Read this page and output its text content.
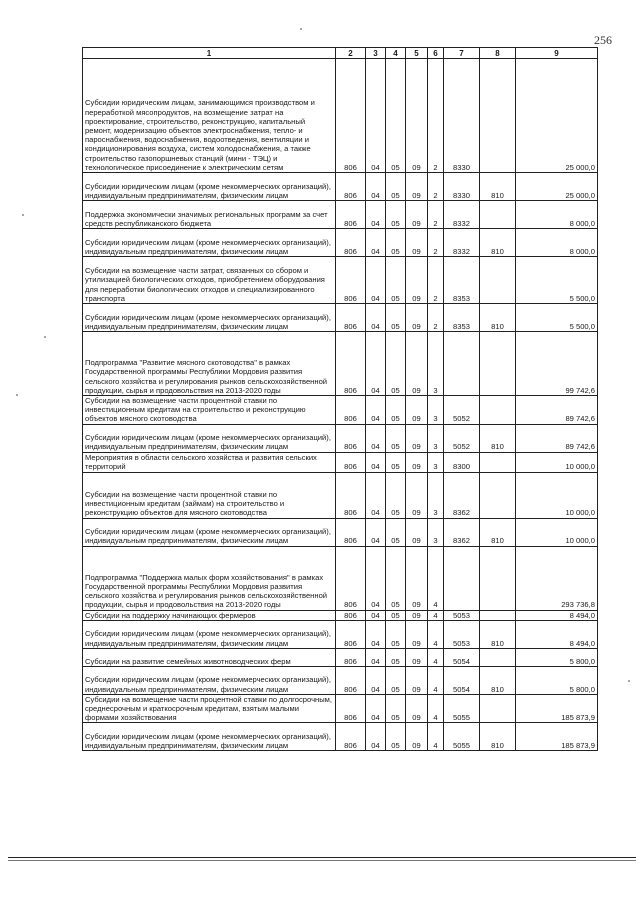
256
1	2	3	4	5	6	7	8	9
Субсидии юридическим лицам, занимающимся производством и переработкой мясопродуктов, на возмещение затрат на проектирование, строительство, реконструкцию, капитальный ремонт, модернизацию объектов электроснабжения, тепло- и пароснабжения, водоснабжения, водоотведения, вентиляции и кондиционирования воздуха, систем холодоснабжения, а также строительство газопоршневых станций (мини - ТЭЦ) и технологическое присоединение к электрическим сетям	806	04	05	09	2	8330		25 000,0
Субсидии юридическим лицам (кроме некоммерческих организаций), индивидуальным предпринимателям, физическим лицам	806	04	05	09	2	8330	810	25 000,0
Поддержка экономически значимых региональных программ за счет средств республиканского бюджета	806	04	05	09	2	8332		8 000,0
Субсидии юридическим лицам (кроме некоммерческих организаций), индивидуальным предпринимателям, физическим лицам	806	04	05	09	2	8332	810	8 000,0
Субсидии на возмещение части затрат, связанных со сбором и утилизацией биологических отходов, приобретением оборудования для переработки биологических отходов и специализированного транспорта	806	04	05	09	2	8353		5 500,0
Субсидии юридическим лицам (кроме некоммерческих организаций), индивидуальным предпринимателям, физическим лицам	806	04	05	09	2	8353	810	5 500,0
Подпрограмма "Развитие мясного скотоводства" в рамках Государственной программы Республики Мордовия развития сельского хозяйства и регулирования рынков сельскохозяйственной продукции, сырья и продовольствия на 2013-2020 годы	806	04	05	09	3			99 742,6
Субсидии на возмещение части процентной ставки по инвестиционным кредитам на строительство и реконструкцию объектов мясного скотоводства	806	04	05	09	3	5052		89 742,6
Субсидии юридическим лицам (кроме некоммерческих организаций), индивидуальным предпринимателям, физическим лицам	806	04	05	09	3	5052	810	89 742,6
Мероприятия в области сельского хозяйства и развития сельских территорий	806	04	05	09	3	8300		10 000,0
Субсидии на возмещение части процентной ставки по инвестиционным кредитам (займам) на строительство и реконструкцию объектов для мясного скотоводства	806	04	05	09	3	8362		10 000,0
Субсидии юридическим лицам (кроме некоммерческих организаций), индивидуальным предпринимателям, физическим лицам	806	04	05	09	3	8362	810	10 000,0
Подпрограмма "Поддержка малых форм хозяйствования" в рамках Государственной программы Республики Мордовия развития сельского хозяйства и регулирования рынков сельскохозяйственной продукции, сырья и продовольствия на 2013-2020 годы	806	04	05	09	4			293 736,8
Субсидии на поддержку начинающих фермеров	806	04	05	09	4	5053		8 494,0
Субсидии юридическим лицам (кроме некоммерческих организаций), индивидуальным предпринимателям, физическим лицам	806	04	05	09	4	5053	810	8 494,0
Субсидии на развитие семейных животноводческих ферм	806	04	05	09	4	5054		5 800,0
Субсидии юридическим лицам (кроме некоммерческих организаций), индивидуальным предпринимателям, физическим лицам	806	04	05	09	4	5054	810	5 800,0
Субсидии на возмещение части процентной ставки по долгосрочным, среднесрочным и краткосрочным кредитам, взятым малыми формами хозяйствования	806	04	05	09	4	5055		185 873,9
Субсидии юридическим лицам (кроме некоммерческих организаций), индивидуальным предпринимателям, физическим лицам	806	04	05	09	4	5055	810	185 873,9
